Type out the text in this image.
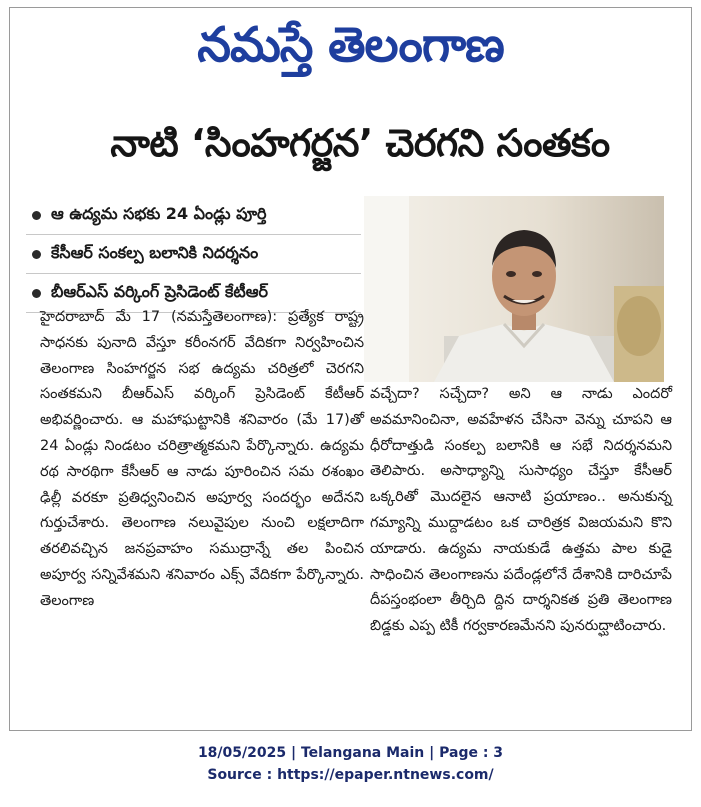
నమస్తే తెలంగాణ
నాటి ‘సింహగర్జన’ చెరగని సంతకం
ఆ ఉద్యమ సభకు 24 ఏండ్లు పూర్తి
కేసీఆర్ సంకల్ప బలానికి నిదర్శనం
బీఆర్ఎస్ వర్కింగ్ ప్రెసిడెంట్ కేటీఆర్

హైదరాబాద్ మే 17 (నమస్తేతెలంగాణ): ప్రత్యేక రాష్ట్ర సాధనకు పునాది వేస్తూ కరీంనగర్ వేదికగా నిర్వహించిన తెలంగాణ సింహగర్జన సభ ఉద్యమ చరిత్రలో చెరగని సంతకమని బీఆర్ఎస్ వర్కింగ్ ప్రెసిడెంట్ కేటీఆర్ అభివర్ణించారు. ఆ మహాఘట్టానికి శనివారం (మే 17)తో 24 ఏండ్లు నిండటం చరిత్రాత్మకమని పేర్కొన్నారు. ఉద్యమ రథ సారథిగా కేసీఆర్ ఆ నాడు పూరించిన సమ రశంఖం ఢిల్లీ వరకూ ప్రతిధ్వనించిన అపూర్వ సందర్భం అదేనని గుర్తుచేశారు. తెలంగాణ నలువైపుల నుంచి లక్షలాదిగా తరలివచ్చిన జనప్రవాహం సముద్రాన్నే తల పించిన అపూర్వ సన్నివేశమని శనివారం ఎక్స్ వేదికగా పేర్కొన్నారు. తెలంగాణ

వచ్చేదా? సచ్చేదా? అని ఆ నాడు ఎందరో అవమానించినా, అవహేళన చేసినా వెన్ను చూపని ఆ ధీరోదాత్తుడి సంకల్ప బలానికి ఆ సభే నిదర్శనమని తెలిపారు. అసాధ్యాన్ని సుసాధ్యం చేస్తూ కేసీఆర్ ఒక్కరితో మొదలైన ఆనాటి ప్రయాణం.. అనుకున్న గమ్యాన్ని ముద్దాడటం ఒక చారిత్రక విజయమని కొని యాడారు. ఉద్యమ నాయకుడే ఉత్తమ పాల కుడై సాధించిన తెలంగాణను పదేండ్లలోనే దేశానికి దారిచూపే దీపస్తంభంలా తీర్చిది ద్దిన దార్శనికత ప్రతి తెలంగాణ బిడ్డకు ఎప్ప టికీ గర్వకారణమేనని పునరుద్ఘాటించారు.

18/05/2025 | Telangana Main | Page : 3
Source : https://epaper.ntnews.com/
